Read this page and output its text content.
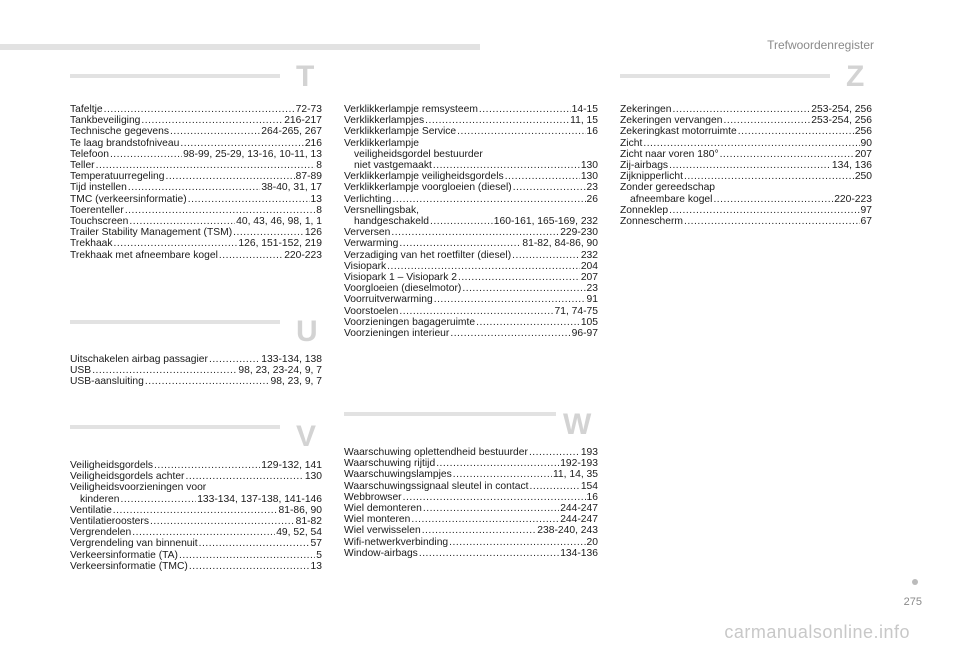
Trefwoordenregister
T
Tafeltje .....	72-73
Tankbeveiliging .....	216-217
Technische gegevens .....	264-265, 267
Te laag brandstofniveau .....	216
Telefoon .....	98-99, 25-29, 13-16, 10-11, 13
Teller .....	8
Temperatuurregeling .....	87-89
Tijd instellen .....	38-40, 31, 17
TMC (verkeersinformatie) .....	13
Toerenteller .....	8
Touchscreen .....	40, 43, 46, 98, 1, 1
Trailer Stability Management (TSM) .....	126
Trekhaak .....	126, 151-152, 219
Trekhaak met afneembare kogel .....	220-223
U
Uitschakelen airbag passagier .....	133-134, 138
USB .....	98, 23, 23-24, 9, 7
USB-aansluiting .....	98, 23, 9, 7
V
Veiligheidsgordels .....	129-132, 141
Veiligheidsgordels achter .....	130
Veiligheidsvoorzieningen voor
kinderen .....	133-134, 137-138, 141-146
Ventilatie .....	81-86, 90
Ventilatieroosters .....	81-82
Vergrendelen .....	49, 52, 54
Vergrendeling van binnenuit .....	57
Verkeersinformatie (TA) .....	5
Verkeersinformatie (TMC) .....	13
Verklikkerlampje remsysteem .....	14-15
Verklikkerlampjes .....	11, 15
Verklikkerlampje Service .....	16
Verklikkerlampje
veiligheidsgordel bestuurder
niet vastgemaakt .....	130
Verklikkerlampje veiligheidsgordels .....	130
Verklikkerlampje voorgloeien (diesel) .....	23
Verlichting .....	26
Versnellingsbak,
handgeschakeld .....	160-161, 165-169, 232
Verversen .....	229-230
Verwarming .....	81-82, 84-86, 90
Verzadiging van het roetfilter (diesel) .....	232
Visiopark .....	204
Visiopark 1 – Visiopark 2 .....	207
Voorgloeien (dieselmotor) .....	23
Voorruitverwarming .....	91
Voorstoelen .....	71, 74-75
Voorzieningen bagageruimte .....	105
Voorzieningen interieur .....	96-97
W
Waarschuwing oplettendheid bestuurder .....	193
Waarschuwing rijtijd .....	192-193
Waarschuwingslampjes .....	11, 14, 35
Waarschuwingssignaal sleutel in contact .....	154
Webbrowser .....	16
Wiel demonteren .....	244-247
Wiel monteren .....	244-247
Wiel verwisselen .....	238-240, 243
Wifi-netwerkverbinding .....	20
Window-airbags .....	134-136
Z
Zekeringen .....	253-254, 256
Zekeringen vervangen .....	253-254, 256
Zekeringkast motorruimte .....	256
Zicht .....	90
Zicht naar voren 180° .....	207
Zij-airbags .....	134, 136
Zijknipperlicht .....	250
Zonder gereedschap
afneembare kogel .....	220-223
Zonneklep .....	97
Zonnescherm .....	67
275
carmanualsonline.info
